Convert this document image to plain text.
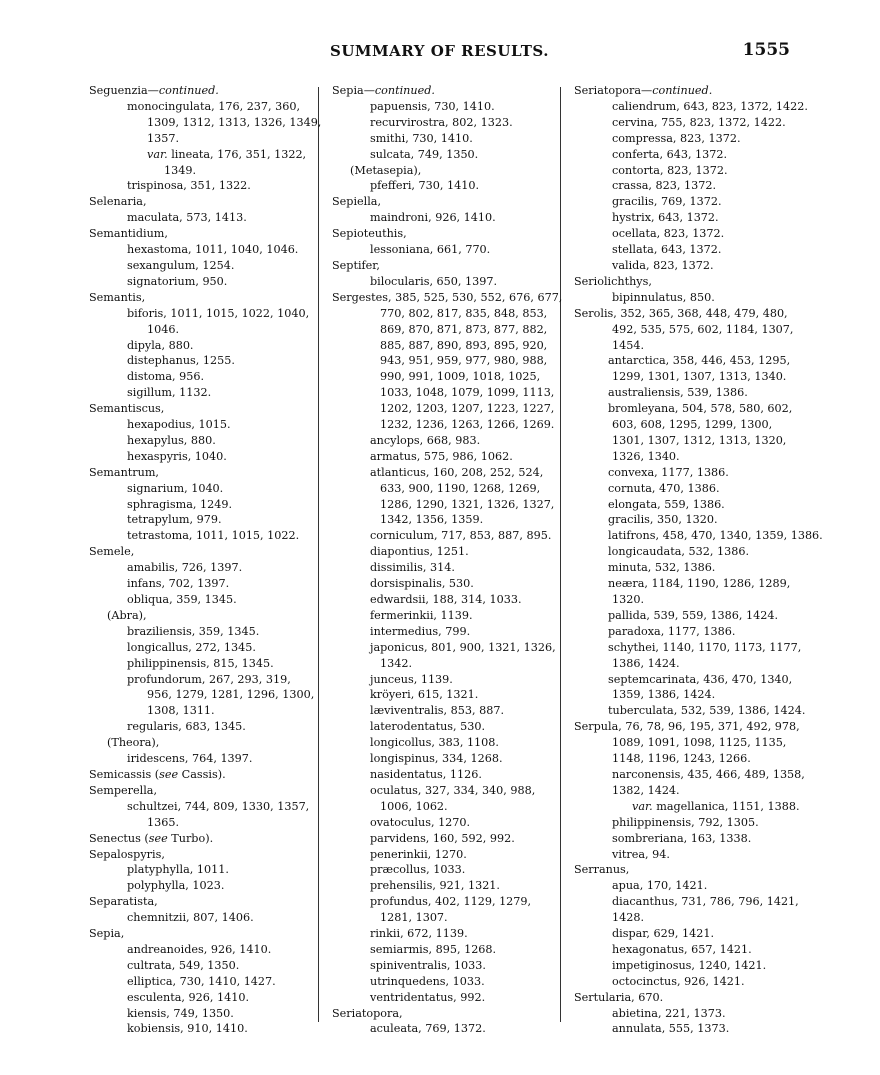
SUMMARY OF RESULTS.	1555
Seguenzia—continued.
monocingulata, 176, 237, 360,
1309, 1312, 1313, 1326, 1349,
1357.
var. lineata, 176, 351, 1322,
1349.
trispinosa, 351, 1322.
Selenaria,
maculata, 573, 1413.
Semantidium,
hexastoma, 1011, 1040, 1046.
sexangulum, 1254.
signatorium, 950.
Semantis,
biforis, 1011, 1015, 1022, 1040,
1046.
dipyla, 880.
distephanus, 1255.
distoma, 956.
sigillum, 1132.
Semantiscus,
hexapodius, 1015.
hexapylus, 880.
hexaspyris, 1040.
Semantrum,
signarium, 1040.
sphragisma, 1249.
tetrapylum, 979.
tetrastoma, 1011, 1015, 1022.
Semele,
amabilis, 726, 1397.
infans, 702, 1397.
obliqua, 359, 1345.
(Abra),
braziliensis, 359, 1345.
longicallus, 272, 1345.
philippinensis, 815, 1345.
profundorum, 267, 293, 319,
956, 1279, 1281, 1296, 1300,
1308, 1311.
regularis, 683, 1345.
(Theora),
iridescens, 764, 1397.
Semicassis (see Cassis).
Semperella,
schultzei, 744, 809, 1330, 1357,
1365.
Senectus (see Turbo).
Sepalospyris,
platyphylla, 1011.
polyphylla, 1023.
Separatista,
chemnitzii, 807, 1406.
Sepia,
andreanoides, 926, 1410.
cultrata, 549, 1350.
elliptica, 730, 1410, 1427.
esculenta, 926, 1410.
kiensis, 749, 1350.
kobiensis, 910, 1410.
Sepia—continued.
papuensis, 730, 1410.
recurvirostra, 802, 1323.
smithi, 730, 1410.
sulcata, 749, 1350.
(Metasepia),
pfefferi, 730, 1410.
Sepiella,
maindroni, 926, 1410.
Sepioteuthis,
lessoniana, 661, 770.
Septifer,
bilocularis, 650, 1397.
Sergestes, 385, 525, 530, 552, 676, 677,
770, 802, 817, 835, 848, 853,
869, 870, 871, 873, 877, 882,
885, 887, 890, 893, 895, 920,
943, 951, 959, 977, 980, 988,
990, 991, 1009, 1018, 1025,
1033, 1048, 1079, 1099, 1113,
1202, 1203, 1207, 1223, 1227,
1232, 1236, 1263, 1266, 1269.
ancylops, 668, 983.
armatus, 575, 986, 1062.
atlanticus, 160, 208, 252, 524,
633, 900, 1190, 1268, 1269,
1286, 1290, 1321, 1326, 1327,
1342, 1356, 1359.
corniculum, 717, 853, 887, 895.
diapontius, 1251.
dissimilis, 314.
dorsispinalis, 530.
edwardsii, 188, 314, 1033.
fermerinkii, 1139.
intermedius, 799.
japonicus, 801, 900, 1321, 1326,
1342.
junceus, 1139.
kröyeri, 615, 1321.
læviventralis, 853, 887.
laterodentatus, 530.
longicollus, 383, 1108.
longispinus, 334, 1268.
nasidentatus, 1126.
oculatus, 327, 334, 340, 988,
1006, 1062.
ovatoculus, 1270.
parvidens, 160, 592, 992.
penerinkii, 1270.
præcollus, 1033.
prehensilis, 921, 1321.
profundus, 402, 1129, 1279,
1281, 1307.
rinkii, 672, 1139.
semiarmis, 895, 1268.
spiniventralis, 1033.
utrinquedens, 1033.
ventridentatus, 992.
Seriatopora,
aculeata, 769, 1372.
Seriatopora—continued.
caliendrum, 643, 823, 1372, 1422.
cervina, 755, 823, 1372, 1422.
compressa, 823, 1372.
conferta, 643, 1372.
contorta, 823, 1372.
crassa, 823, 1372.
gracilis, 769, 1372.
hystrix, 643, 1372.
ocellata, 823, 1372.
stellata, 643, 1372.
valida, 823, 1372.
Seriolichthys,
bipinnulatus, 850.
Serolis, 352, 365, 368, 448, 479, 480,
492, 535, 575, 602, 1184, 1307,
1454.
antarctica, 358, 446, 453, 1295,
1299, 1301, 1307, 1313, 1340.
australiensis, 539, 1386.
bromleyana, 504, 578, 580, 602,
603, 608, 1295, 1299, 1300,
1301, 1307, 1312, 1313, 1320,
1326, 1340.
convexa, 1177, 1386.
cornuta, 470, 1386.
elongata, 559, 1386.
gracilis, 350, 1320.
latifrons, 458, 470, 1340, 1359, 1386.
longicaudata, 532, 1386.
minuta, 532, 1386.
neæra, 1184, 1190, 1286, 1289,
1320.
pallida, 539, 559, 1386, 1424.
paradoxa, 1177, 1386.
schythei, 1140, 1170, 1173, 1177,
1386, 1424.
septemcarinata, 436, 470, 1340,
1359, 1386, 1424.
tuberculata, 532, 539, 1386, 1424.
Serpula, 76, 78, 96, 195, 371, 492, 978,
1089, 1091, 1098, 1125, 1135,
1148, 1196, 1243, 1266.
narconensis, 435, 466, 489, 1358,
1382, 1424.
var. magellanica, 1151, 1388.
philippinensis, 792, 1305.
sombreriana, 163, 1338.
vitrea, 94.
Serranus,
apua, 170, 1421.
diacanthus, 731, 786, 796, 1421,
1428.
dispar, 629, 1421.
hexagonatus, 657, 1421.
impetiginosus, 1240, 1421.
octocinctus, 926, 1421.
Sertularia, 670.
abietina, 221, 1373.
annulata, 555, 1373.
